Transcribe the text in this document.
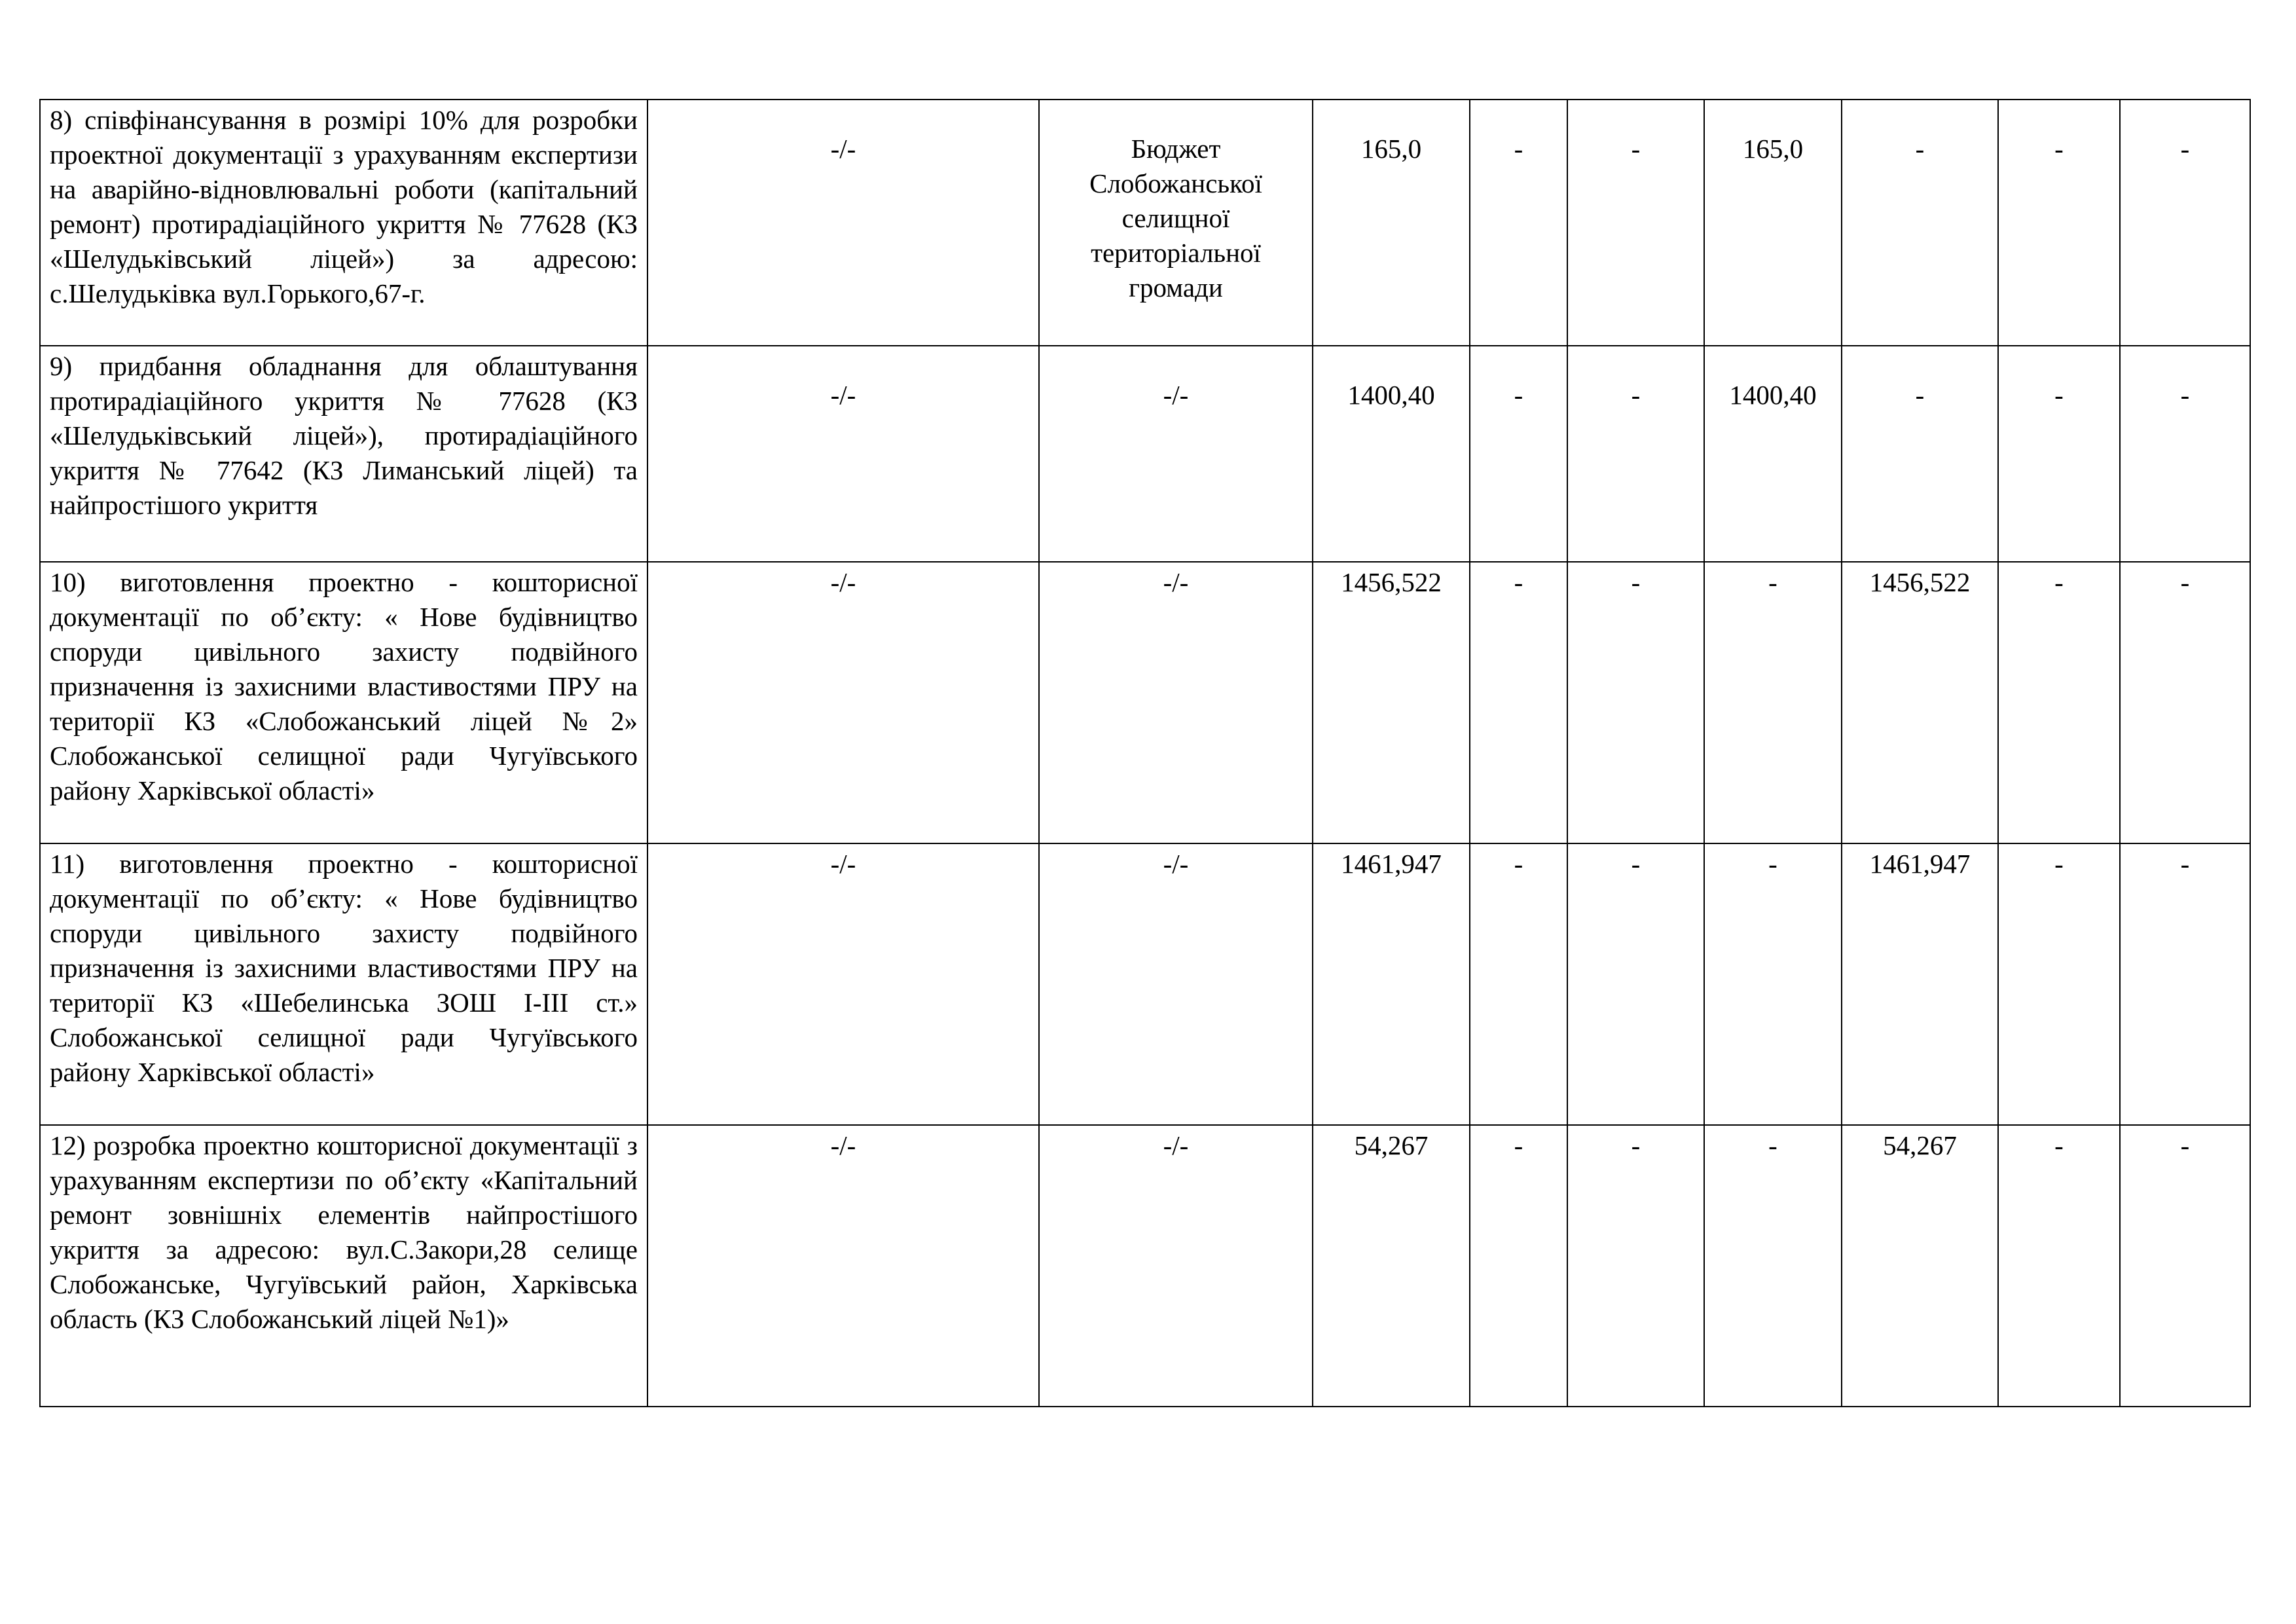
8) співфінансування в розмірі 10% для розробки проектної документації з урахуванням експертизи на аварійно-відновлювальні роботи (капітальний ремонт) протирадіаційного укриття № 77628 (КЗ «Шелудьківський ліцей») за адресою: с.Шелудьківка вул.Горького,67-г.	-/-	Бюджет Слобожанської селищної територіальної громади	165,0	-	-	165,0	-	-	-
9) придбання обладнання для облаштування протирадіаційного укриття № 77628 (КЗ «Шелудьківський ліцей»), протирадіаційного укриття № 77642 (КЗ Лиманський ліцей) та найпростішого укриття	-/-	-/-	1400,40	-	-	1400,40	-	-	-
10) виготовлення проектно - кошторисної документації по об’єкту: « Нове будівництво споруди цивільного захисту подвійного призначення із захисними властивостями ПРУ на території КЗ «Слобожанський ліцей №2» Слобожанської селищної ради Чугуївського району Харківської області»	-/-	-/-	1456,522	-	-	-	1456,522	-	-
11) виготовлення проектно - кошторисної документації по об’єкту: « Нове будівництво споруди цивільного захисту подвійного призначення із захисними властивостями ПРУ на території КЗ «Шебелинська ЗОШ І-ІІІ ст.» Слобожанської селищної ради Чугуївського району Харківської області»	-/-	-/-	1461,947	-	-	-	1461,947	-	-
12) розробка проектно кошторисної документації з урахуванням експертизи по об’єкту «Капітальний ремонт зовнішніх елементів найпростішого укриття за адресою: вул.С.Закори,28 селище Слобожанське, Чугуївський район, Харківська область (КЗ Слобожанський ліцей №1)»	-/-	-/-	54,267	-	-	-	54,267	-	-
